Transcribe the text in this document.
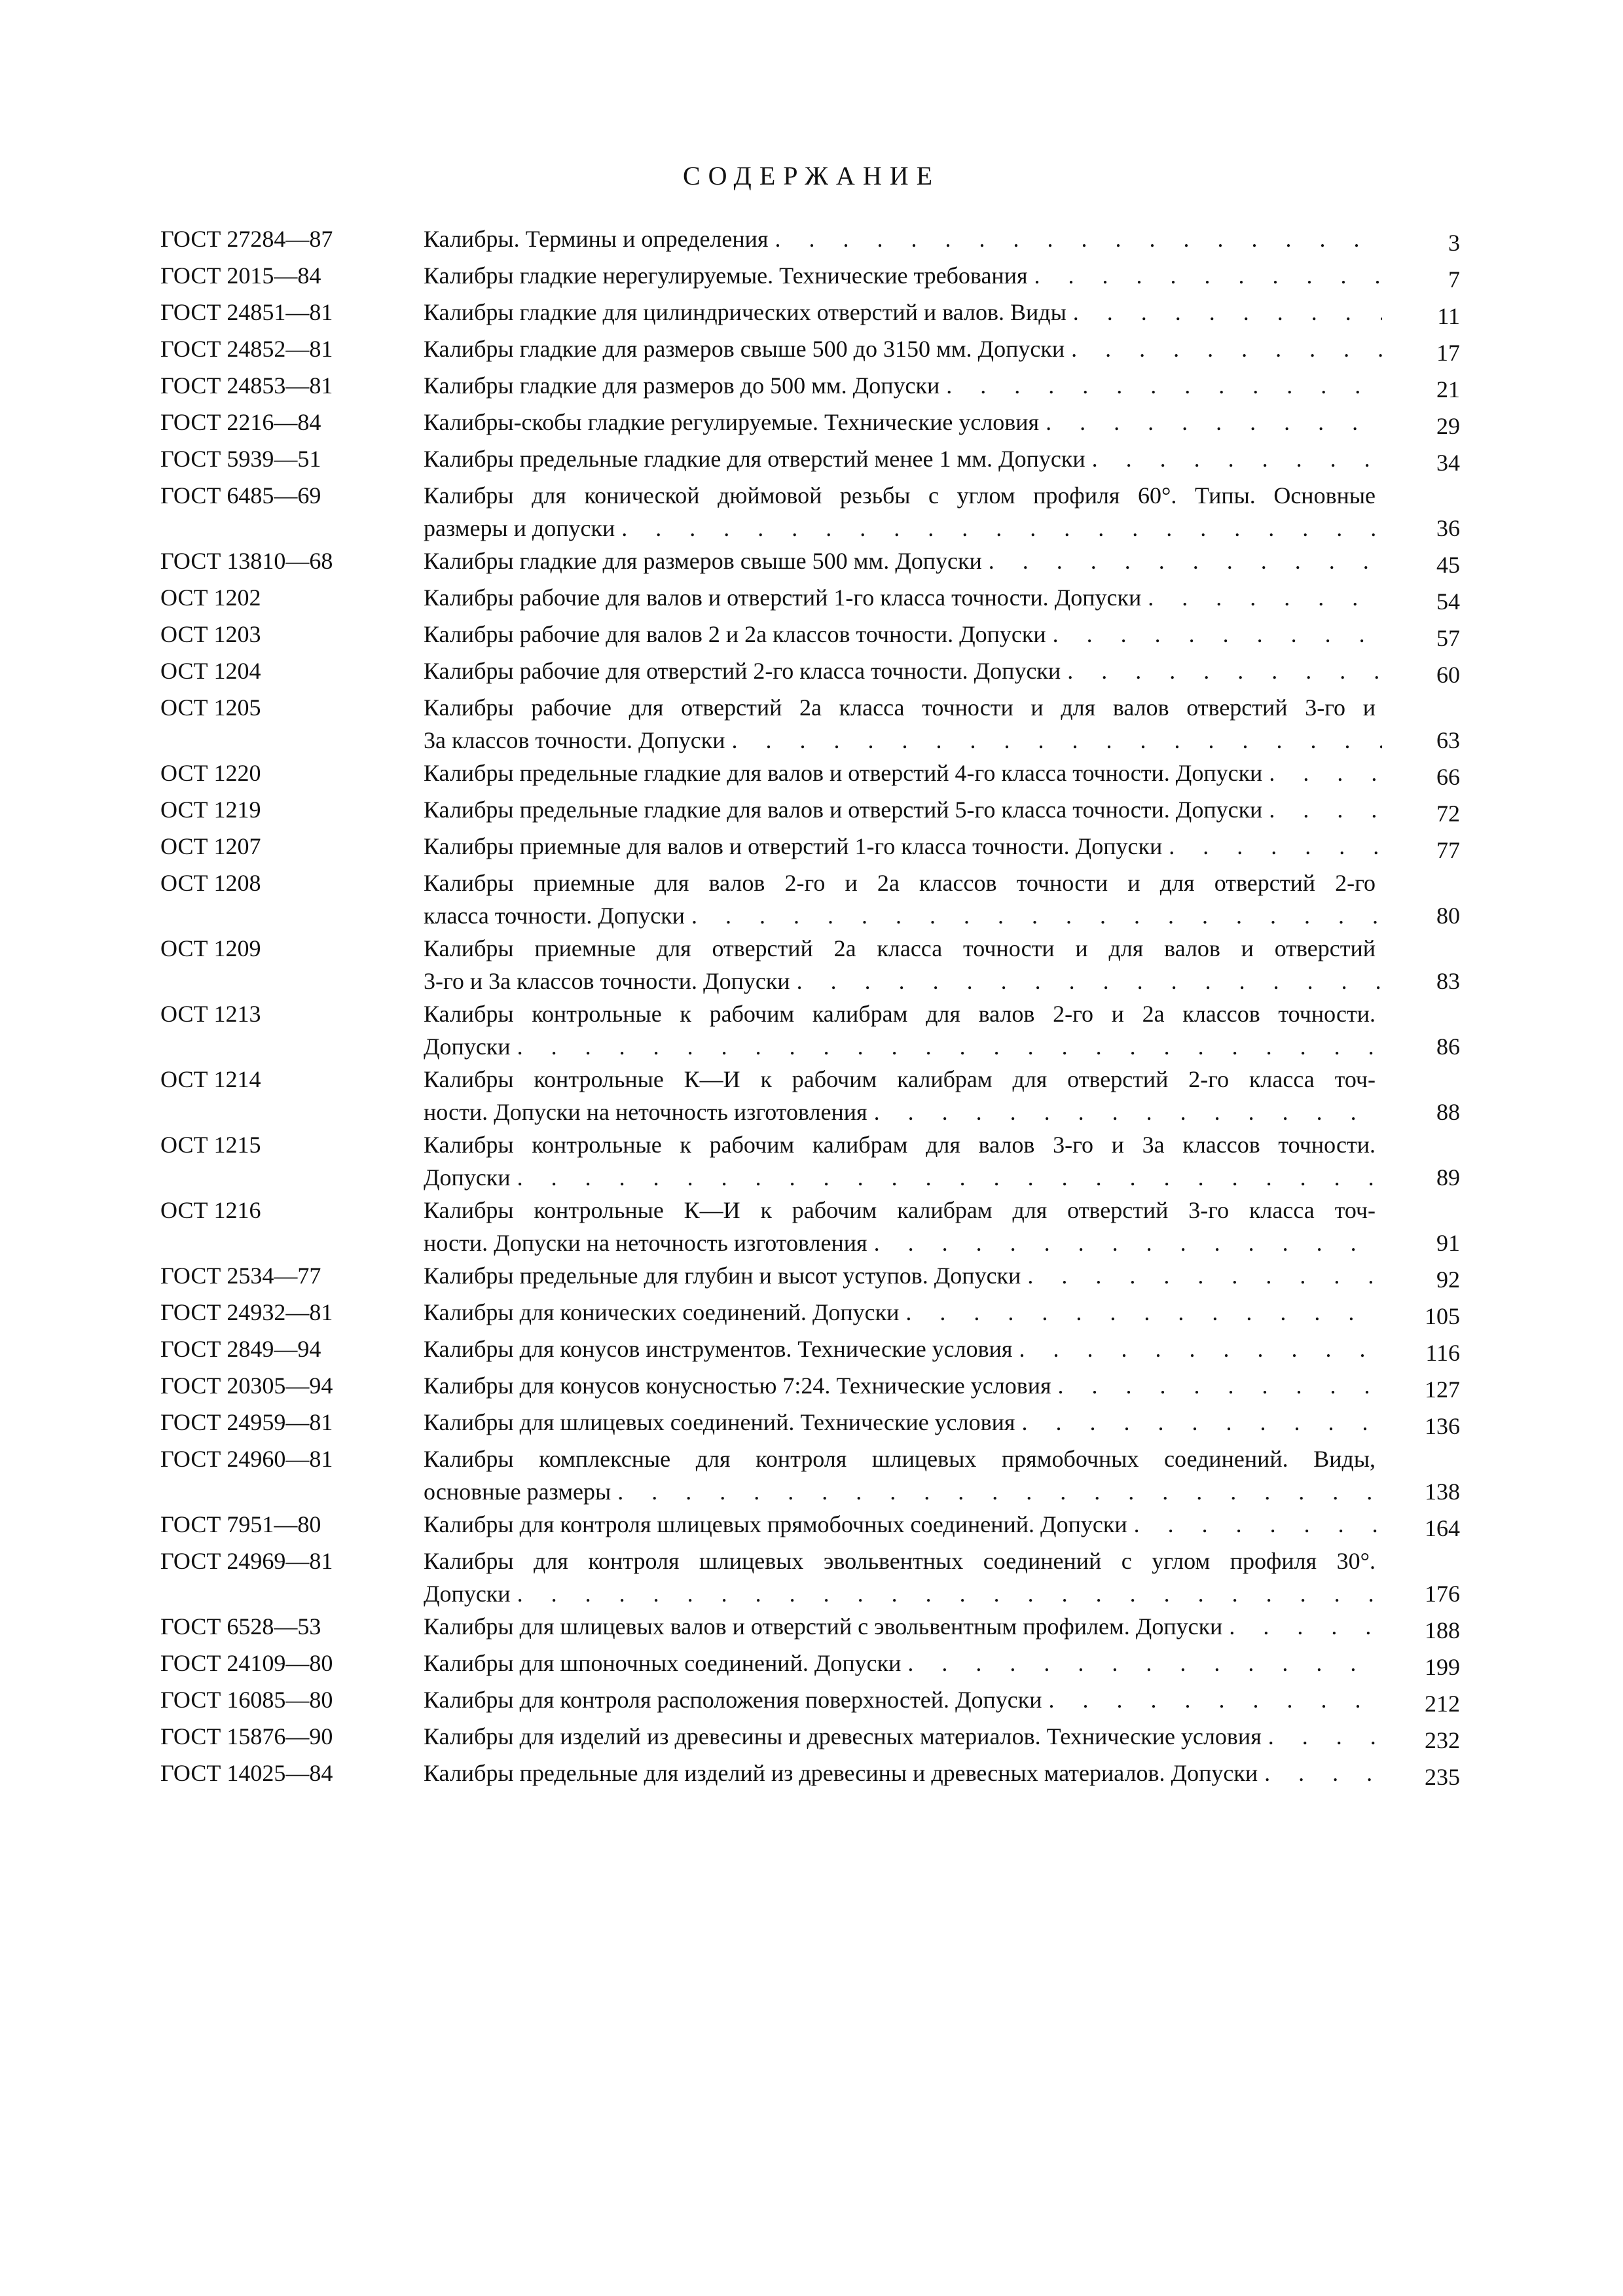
СОДЕРЖАНИЕ
ГОСТ 27284—87	Калибры. Термины и определения . . .	3
ГОСТ 2015—84	Калибры гладкие нерегулируемые. Технические требования . . .	7
ГОСТ 24851—81	Калибры гладкие для цилиндрических отверстий и валов. Виды . . .	11
ГОСТ 24852—81	Калибры гладкие для размеров свыше 500 до 3150 мм. Допуски . . .	17
ГОСТ 24853—81	Калибры гладкие для размеров до 500 мм. Допуски . . .	21
ГОСТ 2216—84	Калибры-скобы гладкие регулируемые. Технические условия . . .	29
ГОСТ 5939—51	Калибры предельные гладкие для отверстий менее 1 мм. Допуски . . .	34
ГОСТ 6485—69	Калибры для конической дюймовой резьбы с углом профиля 60°. Типы. Основные
размеры и допуски . . .	36
ГОСТ 13810—68	Калибры гладкие для размеров свыше 500 мм. Допуски . . .	45
ОСТ 1202	Калибры рабочие для валов и отверстий 1-го класса точности. Допуски . . .	54
ОСТ 1203	Калибры рабочие для валов 2 и 2а классов точности. Допуски . . .	57
ОСТ 1204	Калибры рабочие для отверстий 2-го класса точности. Допуски . . .	60
ОСТ 1205	Калибры рабочие для отверстий 2а класса точности и для валов отверстий 3-го и
3а классов точности. Допуски . . .	63
ОСТ 1220	Калибры предельные гладкие для валов и отверстий 4-го класса точности. Допуски . . .	66
ОСТ 1219	Калибры предельные гладкие для валов и отверстий 5-го класса точности. Допуски . . .	72
ОСТ 1207	Калибры приемные для валов и отверстий 1-го класса точности. Допуски . . .	77
ОСТ 1208	Калибры приемные для валов 2-го и 2а классов точности и для отверстий 2-го
класса точности. Допуски . . .	80
ОСТ 1209	Калибры приемные для отверстий 2а класса точности и для валов и отверстий
3-го и 3а классов точности. Допуски . . .	83
ОСТ 1213	Калибры контрольные к рабочим калибрам для валов 2-го и 2а классов точности.
Допуски . . .	86
ОСТ 1214	Калибры контрольные К—И к рабочим калибрам для отверстий 2-го класса точ-
ности. Допуски на неточность изготовления . . .	88
ОСТ 1215	Калибры контрольные к рабочим калибрам для валов 3-го и 3а классов точности.
Допуски . . .	89
ОСТ 1216	Калибры контрольные К—И к рабочим калибрам для отверстий 3-го класса точ-
ности. Допуски на неточность изготовления . . .	91
ГОСТ 2534—77	Калибры предельные для глубин и высот уступов. Допуски . . .	92
ГОСТ 24932—81	Калибры для конических соединений. Допуски . . .	105
ГОСТ 2849—94	Калибры для конусов инструментов. Технические условия . . .	116
ГОСТ 20305—94	Калибры для конусов конусностью 7:24. Технические условия . . .	127
ГОСТ 24959—81	Калибры для шлицевых соединений. Технические условия . . .	136
ГОСТ 24960—81	Калибры комплексные для контроля шлицевых прямобочных соединений. Виды,
основные размеры . . .	138
ГОСТ 7951—80	Калибры для контроля шлицевых прямобочных соединений. Допуски . . .	164
ГОСТ 24969—81	Калибры для контроля шлицевых эвольвентных соединений с углом профиля 30°.
Допуски . . .	176
ГОСТ 6528—53	Калибры для шлицевых валов и отверстий с эвольвентным профилем. Допуски . . .	188
ГОСТ 24109—80	Калибры для шпоночных соединений. Допуски . . .	199
ГОСТ 16085—80	Калибры для контроля расположения поверхностей. Допуски . . .	212
ГОСТ 15876—90	Калибры для изделий из древесины и древесных материалов. Технические условия . . .	232
ГОСТ 14025—84	Калибры предельные для изделий из древесины и древесных материалов. Допуски . . .	235
